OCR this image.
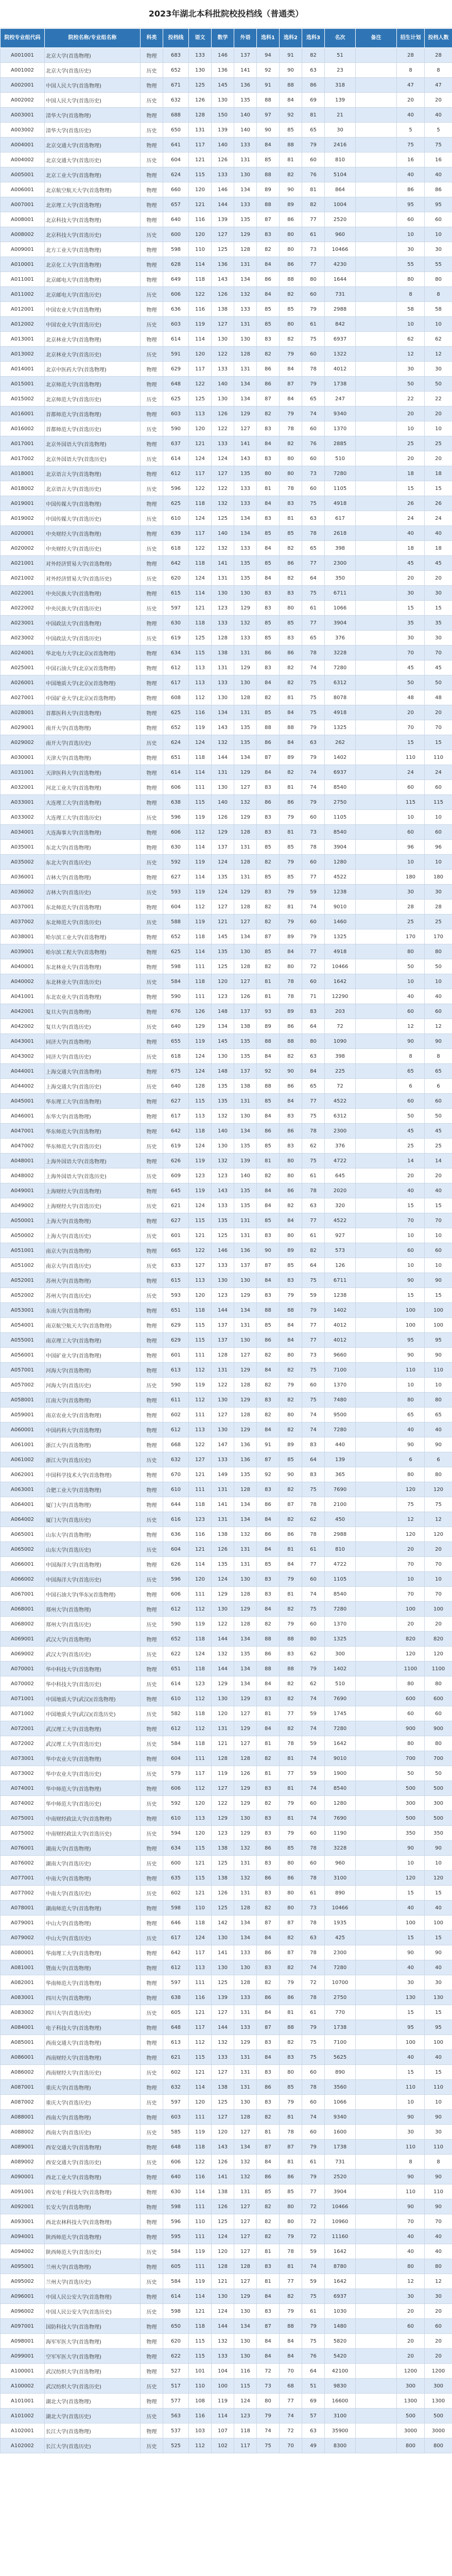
2023年湖北本科批院校投档线（普通类）
院校专业组代码	院校名称/专业组名称	科类	投档线	语文	数学	外语	选科1	选科2	选科3	名次	备注	招生计划	投档人数
A001001	北京大学(首选物理)	物理	683	133	146	137	94	91	82	51		28	28
A001002	北京大学(首选历史)	历史	652	130	136	141	92	90	63	23		8	8
A002001	中国人民大学(首选物理)	物理	671	125	145	136	91	88	86	318		47	47
A002002	中国人民大学(首选历史)	历史	632	126	130	135	88	84	69	139		20	20
A003001	清华大学(首选物理)	物理	688	128	150	140	97	92	81	21		40	40
A003002	清华大学(首选历史)	历史	650	131	139	140	90	85	65	30		5	5
A004001	北京交通大学(首选物理)	物理	641	117	140	133	84	88	79	2416		75	75
A004002	北京交通大学(首选历史)	历史	604	121	126	131	85	81	60	810		16	16
A005001	北京工业大学(首选物理)	物理	624	115	133	130	88	82	76	5104		40	40
A006001	北京航空航天大学(首选物理)	物理	660	120	146	134	89	90	81	864		86	86
A007001	北京理工大学(首选物理)	物理	657	121	144	133	88	89	82	1004		95	95
A008001	北京科技大学(首选物理)	物理	640	116	139	135	87	86	77	2520		60	60
A008002	北京科技大学(首选历史)	历史	600	120	127	129	83	80	61	960		10	10
A009001	北方工业大学(首选物理)	物理	598	110	125	128	82	80	73	10466		30	30
A010001	北京化工大学(首选物理)	物理	628	114	136	131	84	86	77	4230		55	55
A011001	北京邮电大学(首选物理)	物理	649	118	143	134	86	88	80	1644		80	80
A011002	北京邮电大学(首选历史)	历史	606	122	126	132	84	82	60	731		8	8
A012001	中国农业大学(首选物理)	物理	636	116	138	133	85	85	79	2988		58	58
A012002	中国农业大学(首选历史)	历史	603	119	127	131	85	80	61	842		10	10
A013001	北京林业大学(首选物理)	物理	614	114	130	130	83	82	75	6937		62	62
A013002	北京林业大学(首选历史)	历史	591	120	122	128	82	79	60	1322		12	12
A014001	北京中医药大学(首选物理)	物理	629	117	133	131	86	84	78	4012		30	30
A015001	北京师范大学(首选物理)	物理	648	122	140	134	86	87	79	1738		50	50
A015002	北京师范大学(首选历史)	历史	625	125	130	134	87	84	65	247		22	22
A016001	首都师范大学(首选物理)	物理	603	113	126	129	82	79	74	9340		20	20
A016002	首都师范大学(首选历史)	历史	590	120	122	127	83	78	60	1370		10	10
A017001	北京外国语大学(首选物理)	物理	637	121	133	141	84	82	76	2885		25	25
A017002	北京外国语大学(首选历史)	历史	614	124	124	143	83	80	60	510		20	20
A018001	北京语言大学(首选物理)	物理	612	117	127	135	80	80	73	7280		18	18
A018002	北京语言大学(首选历史)	历史	596	122	122	133	81	78	60	1105		15	15
A019001	中国传媒大学(首选物理)	物理	625	118	132	133	84	83	75	4918		26	26
A019002	中国传媒大学(首选历史)	历史	610	124	125	134	83	81	63	617		24	24
A020001	中央财经大学(首选物理)	物理	639	117	140	134	85	85	78	2618		40	40
A020002	中央财经大学(首选历史)	历史	618	122	132	133	84	82	65	398		18	18
A021001	对外经济贸易大学(首选物理)	物理	642	118	141	135	85	86	77	2300		45	45
A021002	对外经济贸易大学(首选历史)	历史	620	124	131	135	84	82	64	350		20	20
A022001	中央民族大学(首选物理)	物理	615	114	130	130	83	83	75	6711		30	30
A022002	中央民族大学(首选历史)	历史	597	121	123	129	83	80	61	1066		15	15
A023001	中国政法大学(首选物理)	物理	630	118	133	132	85	85	77	3904		35	35
A023002	中国政法大学(首选历史)	历史	619	125	128	133	85	83	65	376		30	30
A024001	华北电力大学(北京)(首选物理)	物理	634	115	138	131	86	86	78	3228		70	70
A025001	中国石油大学(北京)(首选物理)	物理	612	113	131	129	83	82	74	7280		45	45
A026001	中国地质大学(北京)(首选物理)	物理	617	113	133	130	84	82	75	6312		50	50
A027001	中国矿业大学(北京)(首选物理)	物理	608	112	130	128	82	81	75	8078		48	48
A028001	首都医科大学(首选物理)	物理	625	116	134	131	85	84	75	4918		20	20
A029001	南开大学(首选物理)	物理	652	119	143	135	88	88	79	1325		70	70
A029002	南开大学(首选历史)	历史	624	124	132	135	86	84	63	262		15	15
A030001	天津大学(首选物理)	物理	651	118	144	134	87	89	79	1402		110	110
A031001	天津医科大学(首选物理)	物理	614	114	131	129	84	82	74	6937		24	24
A032001	河北工业大学(首选物理)	物理	606	111	130	127	83	81	74	8540		60	60
A033001	大连理工大学(首选物理)	物理	638	115	140	132	86	86	79	2750		115	115
A033002	大连理工大学(首选历史)	历史	596	119	126	129	83	79	60	1105		10	10
A034001	大连海事大学(首选物理)	物理	606	112	129	128	83	81	73	8540		60	60
A035001	东北大学(首选物理)	物理	630	114	137	131	85	85	78	3904		96	96
A035002	东北大学(首选历史)	历史	592	119	124	128	82	79	60	1280		10	10
A036001	吉林大学(首选物理)	物理	627	114	135	131	85	85	77	4522		180	180
A036002	吉林大学(首选历史)	历史	593	119	124	129	83	79	59	1238		30	30
A037001	东北师范大学(首选物理)	物理	604	112	127	128	82	81	74	9010		28	28
A037002	东北师范大学(首选历史)	历史	588	119	121	127	82	79	60	1460		25	25
A038001	哈尔滨工业大学(首选物理)	物理	652	118	145	134	87	89	79	1325		170	170
A039001	哈尔滨工程大学(首选物理)	物理	625	114	135	130	85	84	77	4918		80	80
A040001	东北林业大学(首选物理)	物理	598	111	125	128	82	80	72	10466		50	50
A040002	东北林业大学(首选历史)	历史	584	118	120	127	81	78	60	1642		10	10
A041001	东北农业大学(首选物理)	物理	590	111	123	126	81	78	71	12290		40	40
A042001	复旦大学(首选物理)	物理	676	126	148	137	93	89	83	203		60	60
A042002	复旦大学(首选历史)	历史	640	129	134	138	89	86	64	72		12	12
A043001	同济大学(首选物理)	物理	655	119	145	135	88	88	80	1090		90	90
A043002	同济大学(首选历史)	历史	618	124	130	135	84	82	63	398		8	8
A044001	上海交通大学(首选物理)	物理	675	124	148	137	92	90	84	225		65	65
A044002	上海交通大学(首选历史)	历史	640	128	135	138	88	86	65	72		6	6
A045001	华东理工大学(首选物理)	物理	627	115	135	131	85	84	77	4522		60	60
A046001	东华大学(首选物理)	物理	617	113	132	130	84	83	75	6312		50	50
A047001	华东师范大学(首选物理)	物理	642	118	140	134	86	86	78	2300		45	45
A047002	华东师范大学(首选历史)	历史	619	124	130	135	85	83	62	376		25	25
A048001	上海外国语大学(首选物理)	物理	626	119	132	139	81	80	75	4722		14	14
A048002	上海外国语大学(首选历史)	历史	609	123	123	140	82	80	61	645		20	20
A049001	上海财经大学(首选物理)	物理	645	119	143	135	84	86	78	2020		40	40
A049002	上海财经大学(首选历史)	历史	621	124	133	135	84	82	63	320		15	15
A050001	上海大学(首选物理)	物理	627	115	135	131	85	84	77	4522		70	70
A050002	上海大学(首选历史)	历史	601	121	125	131	83	80	61	927		10	10
A051001	南京大学(首选物理)	物理	665	122	146	136	90	89	82	573		60	60
A051002	南京大学(首选历史)	历史	633	127	133	137	87	85	64	126		10	10
A052001	苏州大学(首选物理)	物理	615	113	130	130	84	83	75	6711		90	90
A052002	苏州大学(首选历史)	历史	593	120	123	129	83	79	59	1238		15	15
A053001	东南大学(首选物理)	物理	651	118	144	134	88	88	79	1402		100	100
A054001	南京航空航天大学(首选物理)	物理	629	115	137	131	85	84	77	4012		100	100
A055001	南京理工大学(首选物理)	物理	629	115	137	130	86	84	77	4012		95	95
A056001	中国矿业大学(首选物理)	物理	601	111	128	127	82	80	73	9660		90	90
A057001	河海大学(首选物理)	物理	613	112	131	129	84	82	75	7100		110	110
A057002	河海大学(首选历史)	历史	590	119	122	128	82	79	60	1370		10	10
A058001	江南大学(首选物理)	物理	611	112	130	129	83	82	75	7480		80	80
A059001	南京农业大学(首选物理)	物理	602	111	127	128	82	80	74	9500		65	65
A060001	中国药科大学(首选物理)	物理	612	113	130	129	84	82	74	7280		40	40
A061001	浙江大学(首选物理)	物理	668	122	147	136	91	89	83	440		90	90
A061002	浙江大学(首选历史)	历史	632	127	133	136	87	85	64	139		6	6
A062001	中国科学技术大学(首选物理)	物理	670	121	149	135	92	90	83	365		80	80
A063001	合肥工业大学(首选物理)	物理	610	111	131	128	83	82	75	7690		120	120
A064001	厦门大学(首选物理)	物理	644	118	141	134	86	87	78	2100		75	75
A064002	厦门大学(首选历史)	历史	616	123	131	134	84	82	62	450		12	12
A065001	山东大学(首选物理)	物理	636	116	138	132	86	86	78	2988		120	120
A065002	山东大学(首选历史)	历史	604	121	126	131	84	81	61	810		20	20
A066001	中国海洋大学(首选物理)	物理	626	114	135	131	85	84	77	4722		70	70
A066002	中国海洋大学(首选历史)	历史	596	120	124	130	83	79	60	1105		10	10
A067001	中国石油大学(华东)(首选物理)	物理	606	111	129	128	83	81	74	8540		70	70
A068001	郑州大学(首选物理)	物理	612	112	130	129	84	82	75	7280		100	100
A068002	郑州大学(首选历史)	历史	590	119	122	128	82	79	60	1370		20	20
A069001	武汉大学(首选物理)	物理	652	118	144	134	88	88	80	1325		820	820
A069002	武汉大学(首选历史)	历史	622	124	132	135	86	83	62	300		120	120
A070001	华中科技大学(首选物理)	物理	651	118	144	134	88	88	79	1402		1100	1100
A070002	华中科技大学(首选历史)	历史	614	123	129	134	84	82	62	510		80	80
A071001	中国地质大学(武汉)(首选物理)	物理	610	112	130	129	83	82	74	7690		600	600
A071002	中国地质大学(武汉)(首选历史)	历史	582	118	120	127	81	77	59	1745		60	60
A072001	武汉理工大学(首选物理)	物理	612	112	131	129	84	82	74	7280		900	900
A072002	武汉理工大学(首选历史)	历史	584	118	121	127	81	78	59	1642		80	80
A073001	华中农业大学(首选物理)	物理	604	111	128	128	82	81	74	9010		700	700
A073002	华中农业大学(首选历史)	历史	579	117	119	126	81	77	59	1900		50	50
A074001	华中师范大学(首选物理)	物理	606	112	127	129	83	81	74	8540		500	500
A074002	华中师范大学(首选历史)	历史	592	120	122	129	82	79	60	1280		300	300
A075001	中南财经政法大学(首选物理)	物理	610	113	129	130	83	81	74	7690		500	500
A075002	中南财经政法大学(首选历史)	历史	594	120	123	129	83	79	60	1190		350	350
A076001	湖南大学(首选物理)	物理	634	115	138	132	86	85	78	3228		90	90
A076002	湖南大学(首选历史)	历史	600	121	125	131	83	80	60	960		10	10
A077001	中南大学(首选物理)	物理	635	115	138	132	86	86	78	3100		120	120
A077002	中南大学(首选历史)	历史	602	121	126	131	83	80	61	890		15	15
A078001	湖南师范大学(首选物理)	物理	598	110	125	128	82	80	73	10466		40	40
A079001	中山大学(首选物理)	物理	646	118	142	134	87	87	78	1935		100	100
A079002	中山大学(首选历史)	历史	617	124	130	134	84	82	63	425		15	15
A080001	华南理工大学(首选物理)	物理	642	117	141	133	86	87	78	2300		90	90
A081001	暨南大学(首选物理)	物理	612	113	130	130	83	82	74	7280		40	40
A082001	华南师范大学(首选物理)	物理	597	111	125	128	82	79	72	10700		30	30
A083001	四川大学(首选物理)	物理	638	116	139	133	86	86	78	2750		130	130
A083002	四川大学(首选历史)	历史	605	121	127	131	84	81	61	770		15	15
A084001	电子科技大学(首选物理)	物理	648	117	144	133	87	88	79	1738		95	95
A085001	西南交通大学(首选物理)	物理	613	112	132	129	83	82	75	7100		100	100
A086001	西南财经大学(首选物理)	物理	621	115	133	131	84	83	75	5625		40	40
A086002	西南财经大学(首选历史)	历史	602	121	127	131	83	80	60	890		15	15
A087001	重庆大学(首选物理)	物理	632	114	138	131	86	85	78	3560		110	110
A087002	重庆大学(首选历史)	历史	597	120	125	130	83	79	60	1066		10	10
A088001	西南大学(首选物理)	物理	603	111	127	128	82	81	74	9340		90	90
A088002	西南大学(首选历史)	历史	585	119	120	127	81	78	60	1600		30	30
A089001	西安交通大学(首选物理)	物理	648	118	143	134	87	87	79	1738		110	110
A089002	西安交通大学(首选历史)	历史	606	122	126	132	84	81	61	731		8	8
A090001	西北工业大学(首选物理)	物理	640	116	141	132	86	86	79	2520		90	90
A091001	西安电子科技大学(首选物理)	物理	630	114	138	131	85	85	77	3904		110	110
A092001	长安大学(首选物理)	物理	598	111	126	127	82	80	72	10466		90	90
A093001	西北农林科技大学(首选物理)	物理	596	110	125	127	82	80	72	10960		70	70
A094001	陕西师范大学(首选物理)	物理	595	111	124	127	82	79	72	11160		40	40
A094002	陕西师范大学(首选历史)	历史	584	119	120	127	81	78	59	1642		40	40
A095001	兰州大学(首选物理)	物理	605	111	128	128	83	81	74	8780		80	80
A095002	兰州大学(首选历史)	历史	584	119	121	127	81	77	59	1642		12	12
A096001	中国人民公安大学(首选物理)	物理	614	114	130	129	84	82	75	6937		30	30
A096002	中国人民公安大学(首选历史)	历史	598	121	124	130	83	79	61	1030		20	20
A097001	国防科技大学(首选物理)	物理	650	118	144	134	87	88	79	1480		60	60
A098001	海军军医大学(首选物理)	物理	620	115	132	130	84	84	75	5820		20	20
A099001	空军军医大学(首选物理)	物理	622	115	133	130	84	84	76	5420		20	20
A100001	武汉纺织大学(首选物理)	物理	527	101	104	116	72	70	64	42100		1200	1200
A100002	武汉纺织大学(首选历史)	历史	517	110	100	115	73	68	51	9830		300	300
A101001	湖北大学(首选物理)	物理	577	108	119	124	80	77	69	16600		1300	1300
A101002	湖北大学(首选历史)	历史	563	116	114	123	79	74	57	3100		500	500
A102001	长江大学(首选物理)	物理	537	103	107	118	74	72	63	35900		3000	3000
A102002	长江大学(首选历史)	历史	525	112	102	117	75	70	49	8300		800	800
